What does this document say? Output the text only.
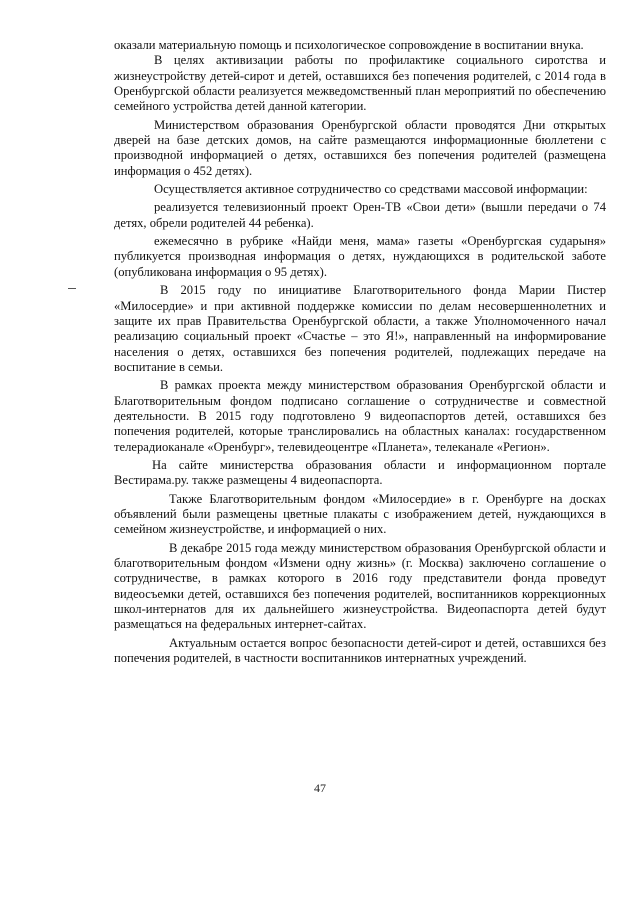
оказали материальную помощь и психологическое сопровождение в воспитании внука.

В целях активизации работы по профилактике социального сиротства и жизнеустройству детей-сирот и детей, оставшихся без попечения родителей, с 2014 года в Оренбургской области реализуется межведомственный план мероприятий по обеспечению семейного устройства детей данной категории.

Министерством образования Оренбургской области проводятся Дни открытых дверей на базе детских домов, на сайте размещаются информационные бюллетени с производной информацией о детях, оставшихся без попечения родителей (размещена информация о 452 детях).

Осуществляется активное сотрудничество со средствами массовой информации:

реализуется телевизионный проект Орен-ТВ «Свои дети» (вышли передачи о 74 детях, обрели родителей 44 ребенка).

ежемесячно в рубрике «Найди меня, мама» газеты «Оренбургская сударыня» публикуется производная информация о детях, нуждающихся в родительской заботе (опубликована информация о 95 детях).

В 2015 году по инициативе Благотворительного фонда Марии Пистер «Милосердие» и при активной поддержке комиссии по делам несовершеннолетних и защите их прав Правительства Оренбургской области, а также Уполномоченного начал реализацию социальный проект «Счастье – это Я!», направленный на информирование населения о детях, оставшихся без попечения родителей, подлежащих передаче на воспитание в семьи.

В рамках проекта между министерством образования Оренбургской области и Благотворительным фондом подписано соглашение о сотрудничестве и совместной деятельности. В 2015 году подготовлено 9 видеопаспортов детей, оставшихся без попечения родителей, которые транслировались на областных каналах: государственном телерадиоканале «Оренбург», телевидеоцентре «Планета», телеканале «Регион».

На сайте министерства образования области и информационном портале Вестирама.ру. также размещены 4 видеопаспорта.

Также Благотворительным фондом «Милосердие» в г. Оренбурге на досках объявлений были размещены цветные плакаты с изображением детей, нуждающихся в семейном жизнеустройстве, и информацией о них.

В декабре 2015 года между министерством образования Оренбургской области и благотворительным фондом «Измени одну жизнь» (г. Москва) заключено соглашение о сотрудничестве, в рамках которого в 2016 году представители фонда проведут видеосъемки детей, оставшихся без попечения родителей, воспитанников коррекционных школ-интернатов для их дальнейшего жизнеустройства. Видеопаспорта детей будут размещаться на федеральных интернет-сайтах.

Актуальным остается вопрос безопасности детей-сирот и детей, оставшихся без попечения родителей, в частности воспитанников интернатных учреждений.

47
